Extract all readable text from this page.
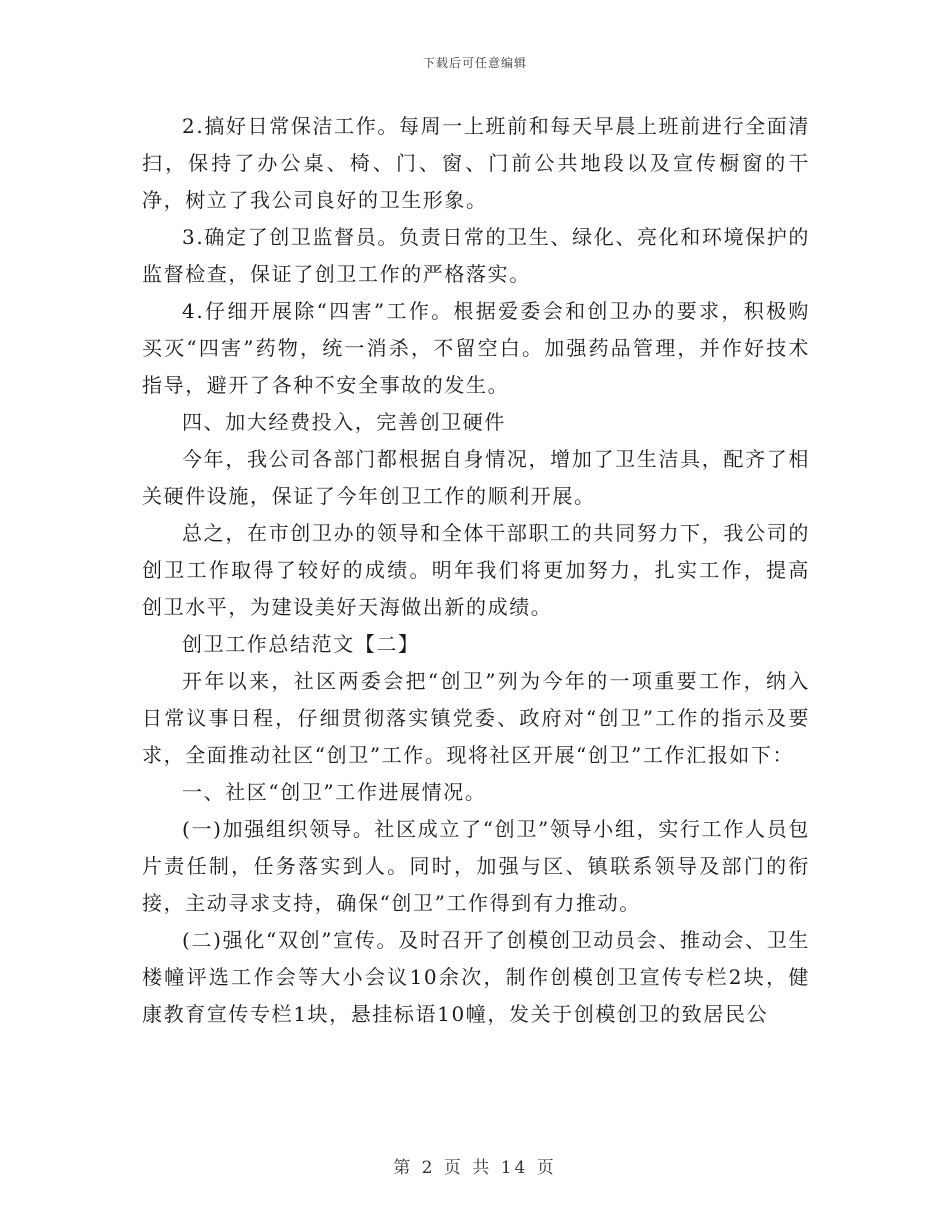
下载后可任意编辑

2.搞好日常保洁工作。每周一上班前和每天早晨上班前进行全面清扫，保持了办公桌、椅、门、窗、门前公共地段以及宣传橱窗的干净，树立了我公司良好的卫生形象。

3.确定了创卫监督员。负责日常的卫生、绿化、亮化和环境保护的监督检查，保证了创卫工作的严格落实。

4.仔细开展除“四害”工作。根据爱委会和创卫办的要求，积极购买灭“四害”药物，统一消杀，不留空白。加强药品管理，并作好技术指导，避开了各种不安全事故的发生。

四、加大经费投入，完善创卫硬件

今年，我公司各部门都根据自身情况，增加了卫生洁具，配齐了相关硬件设施，保证了今年创卫工作的顺利开展。

总之，在市创卫办的领导和全体干部职工的共同努力下，我公司的创卫工作取得了较好的成绩。明年我们将更加努力，扎实工作，提高创卫水平，为建设美好天海做出新的成绩。

创卫工作总结范文【二】

开年以来，社区两委会把“创卫”列为今年的一项重要工作，纳入日常议事日程，仔细贯彻落实镇党委、政府对“创卫”工作的指示及要求，全面推动社区“创卫”工作。现将社区开展“创卫”工作汇报如下：

一、社区“创卫”工作进展情况。

(一)加强组织领导。社区成立了“创卫”领导小组，实行工作人员包片责任制，任务落实到人。同时，加强与区、镇联系领导及部门的衔接，主动寻求支持，确保“创卫”工作得到有力推动。

(二)强化“双创”宣传。及时召开了创模创卫动员会、推动会、卫生楼幢评选工作会等大小会议10余次，制作创模创卫宣传专栏2块，健康教育宣传专栏1块，悬挂标语10幢，发关于创模创卫的致居民公

第 2 页 共 14 页
